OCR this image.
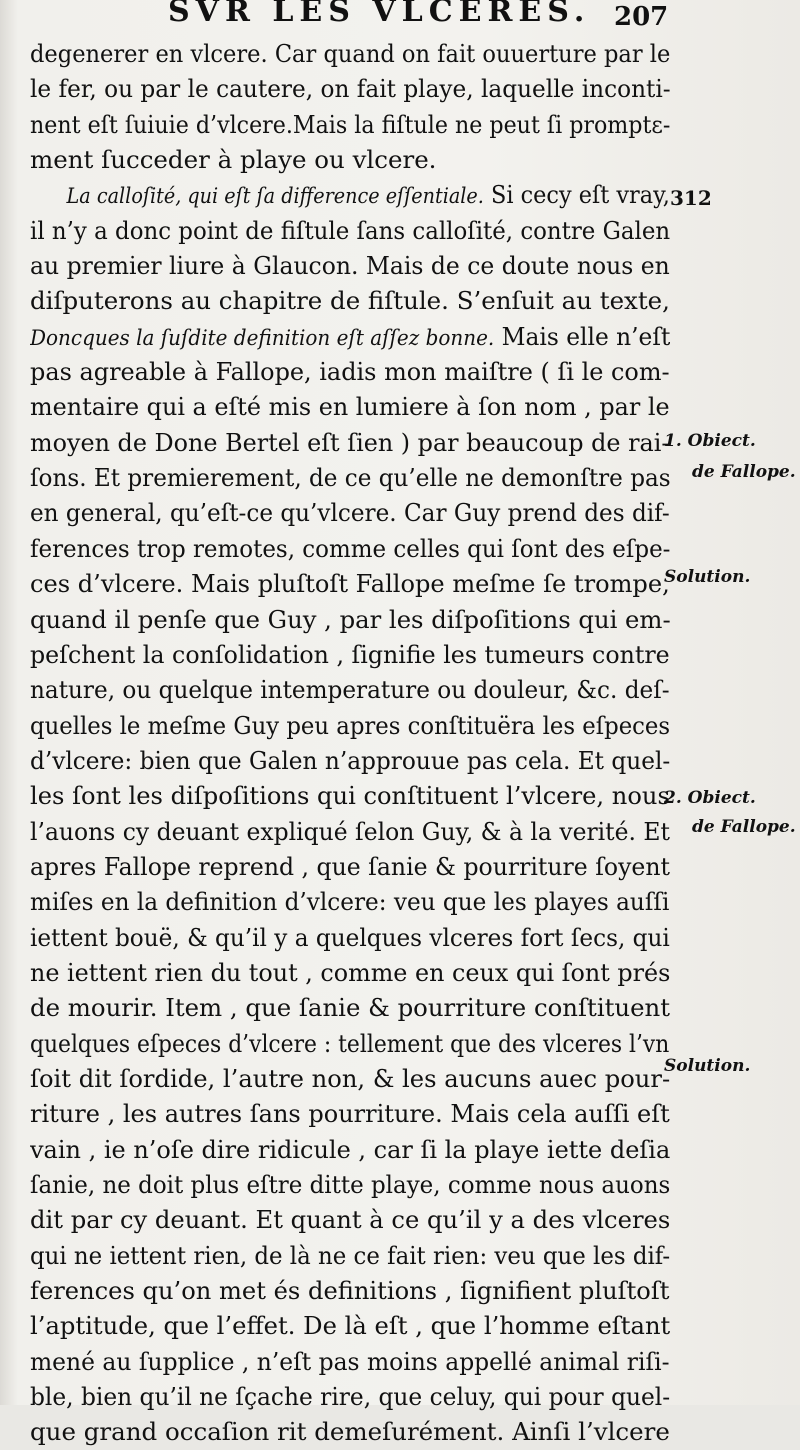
SVR LES VLCERES. 207
degenerer en vlcere. Car quand on fait ouuerture par le
le fer, ou par le cautere, on fait playe, laquelle inconti-
nent eſt ſuiuie d’vlcere.Mais la fiſtule ne peut ſi promptε-
ment ſucceder à playe ou vlcere.
La calloſité, qui eſt ſa difference eſſentiale. Si cecy eſt vray,
il n’y a donc point de fiſtule ſans calloſité, contre Galen
au premier liure à Glaucon. Mais de ce doute nous en
diſputerons au chapitre de fiſtule. S’enſuit au texte,
Doncques la ſuſdite definition eſt aſſez bonne. Mais elle n’eſt
pas agreable à Fallope, iadis mon maiſtre ( ſi le com-
mentaire qui a eſté mis en lumiere à ſon nom , par le
moyen de Done Bertel eſt ſien ) par beaucoup de rai-
ſons. Et premierement, de ce qu’elle ne demonſtre pas
en general, qu’eſt-ce qu’vlcere. Car Guy prend des dif-
ferences trop remotes, comme celles qui ſont des eſpe-
ces d’vlcere. Mais pluſtoſt Fallope meſme ſe trompe,
quand il penſe que Guy , par les diſpoſitions qui em-
peſchent la conſolidation , ſignifie les tumeurs contre
nature, ou quelque intemperature ou douleur, &c. deſ-
quelles le meſme Guy peu apres conſtituëra les eſpeces
d’vlcere: bien que Galen n’approuue pas cela. Et quel-
les ſont les diſpoſitions qui conſtituent l’vlcere, nous
l’auons cy deuant expliqué ſelon Guy, & à la verité. Et
apres Fallope reprend , que ſanie & pourriture ſoyent
miſes en la definition d’vlcere: veu que les playes auſſi
iettent bouë, & qu’il y a quelques vlceres fort ſecs, qui
ne iettent rien du tout , comme en ceux qui ſont prés
de mourir. Item , que ſanie & pourriture conſtituent
quelques eſpeces d’vlcere : tellement que des vlceres l’vn
ſoit dit ſordide, l’autre non, & les aucuns auec pour-
riture , les autres ſans pourriture. Mais cela auſſi eſt
vain , ie n’oſe dire ridicule , car ſi la playe iette deſia
ſanie, ne doit plus eſtre ditte playe, comme nous auons
dit par cy deuant. Et quant à ce qu’il y a des vlceres
qui ne iettent rien, de là ne ce fait rien: veu que les dif-
ferences qu’on met és definitions , ſignifient pluſtoſt
l’aptitude, que l’effet. De là eſt , que l’homme eſtant
mené au ſupplice , n’eſt pas moins appellé animal riſi-
ble, bien qu’il ne ſçache rire, que celuy, qui pour quel-
que grand occaſion rit demeſurément. Ainſi l’vlcere
312
1. Obiect.
de Fallope.
Solution.
2. Obiect.
de Fallope.
Solution.
